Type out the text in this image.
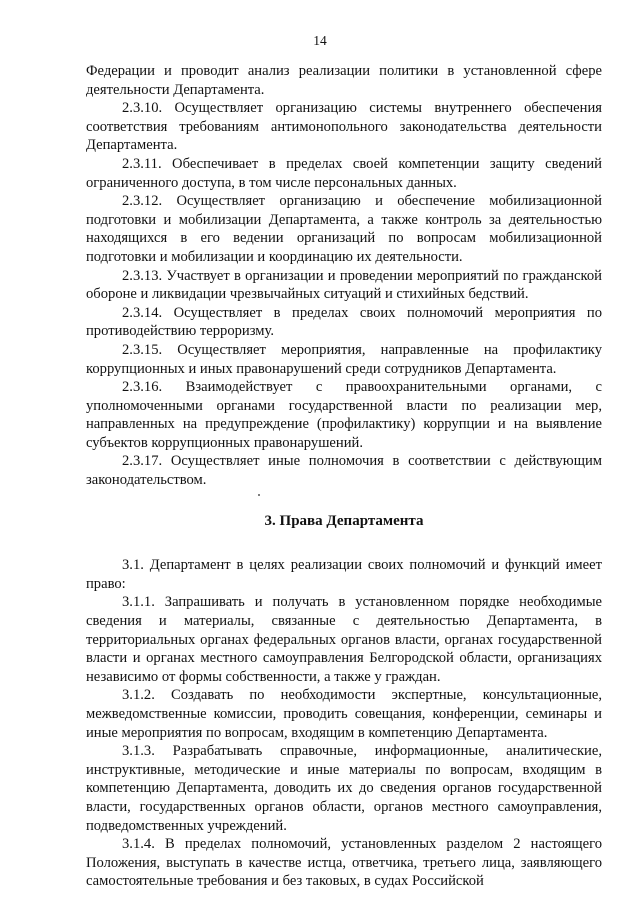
14

Федерации и проводит анализ реализации политики в установленной сфере деятельности Департамента.

2.3.10. Осуществляет организацию системы внутреннего обеспечения соответствия требованиям антимонопольного законодательства деятельности Департамента.

2.3.11. Обеспечивает в пределах своей компетенции защиту сведений ограниченного доступа, в том числе персональных данных.

2.3.12. Осуществляет организацию и обеспечение мобилизационной подготовки и мобилизации Департамента, а также контроль за деятельностью находящихся в его ведении организаций по вопросам мобилизационной подготовки и мобилизации и координацию их деятельности.

2.3.13. Участвует в организации и проведении мероприятий по гражданской обороне и ликвидации чрезвычайных ситуаций и стихийных бедствий.

2.3.14. Осуществляет в пределах своих полномочий мероприятия по противодействию терроризму.

2.3.15. Осуществляет мероприятия, направленные на профилактику коррупционных и иных правонарушений среди сотрудников Департамента.

2.3.16. Взаимодействует с правоохранительными органами, с уполномоченными органами государственной власти по реализации мер, направленных на предупреждение (профилактику) коррупции и на выявление субъектов коррупционных правонарушений.

2.3.17. Осуществляет иные полномочия в соответствии с действующим законодательством.

3. Права Департамента

3.1. Департамент в целях реализации своих полномочий и функций имеет право:

3.1.1. Запрашивать и получать в установленном порядке необходимые сведения и материалы, связанные с деятельностью Департамента, в территориальных органах федеральных органов власти, органах государственной власти и органах местного самоуправления Белгородской области, организациях независимо от формы собственности, а также у граждан.

3.1.2. Создавать по необходимости экспертные, консультационные, межведомственные комиссии, проводить совещания, конференции, семинары и иные мероприятия по вопросам, входящим в компетенцию Департамента.

3.1.3. Разрабатывать справочные, информационные, аналитические, инструктивные, методические и иные материалы по вопросам, входящим в компетенцию Департамента, доводить их до сведения органов государственной власти, государственных органов области, органов местного самоуправления, подведомственных учреждений.

3.1.4. В пределах полномочий, установленных разделом 2 настоящего Положения, выступать в качестве истца, ответчика, третьего лица, заявляющего самостоятельные требования и без таковых, в судах Российской
